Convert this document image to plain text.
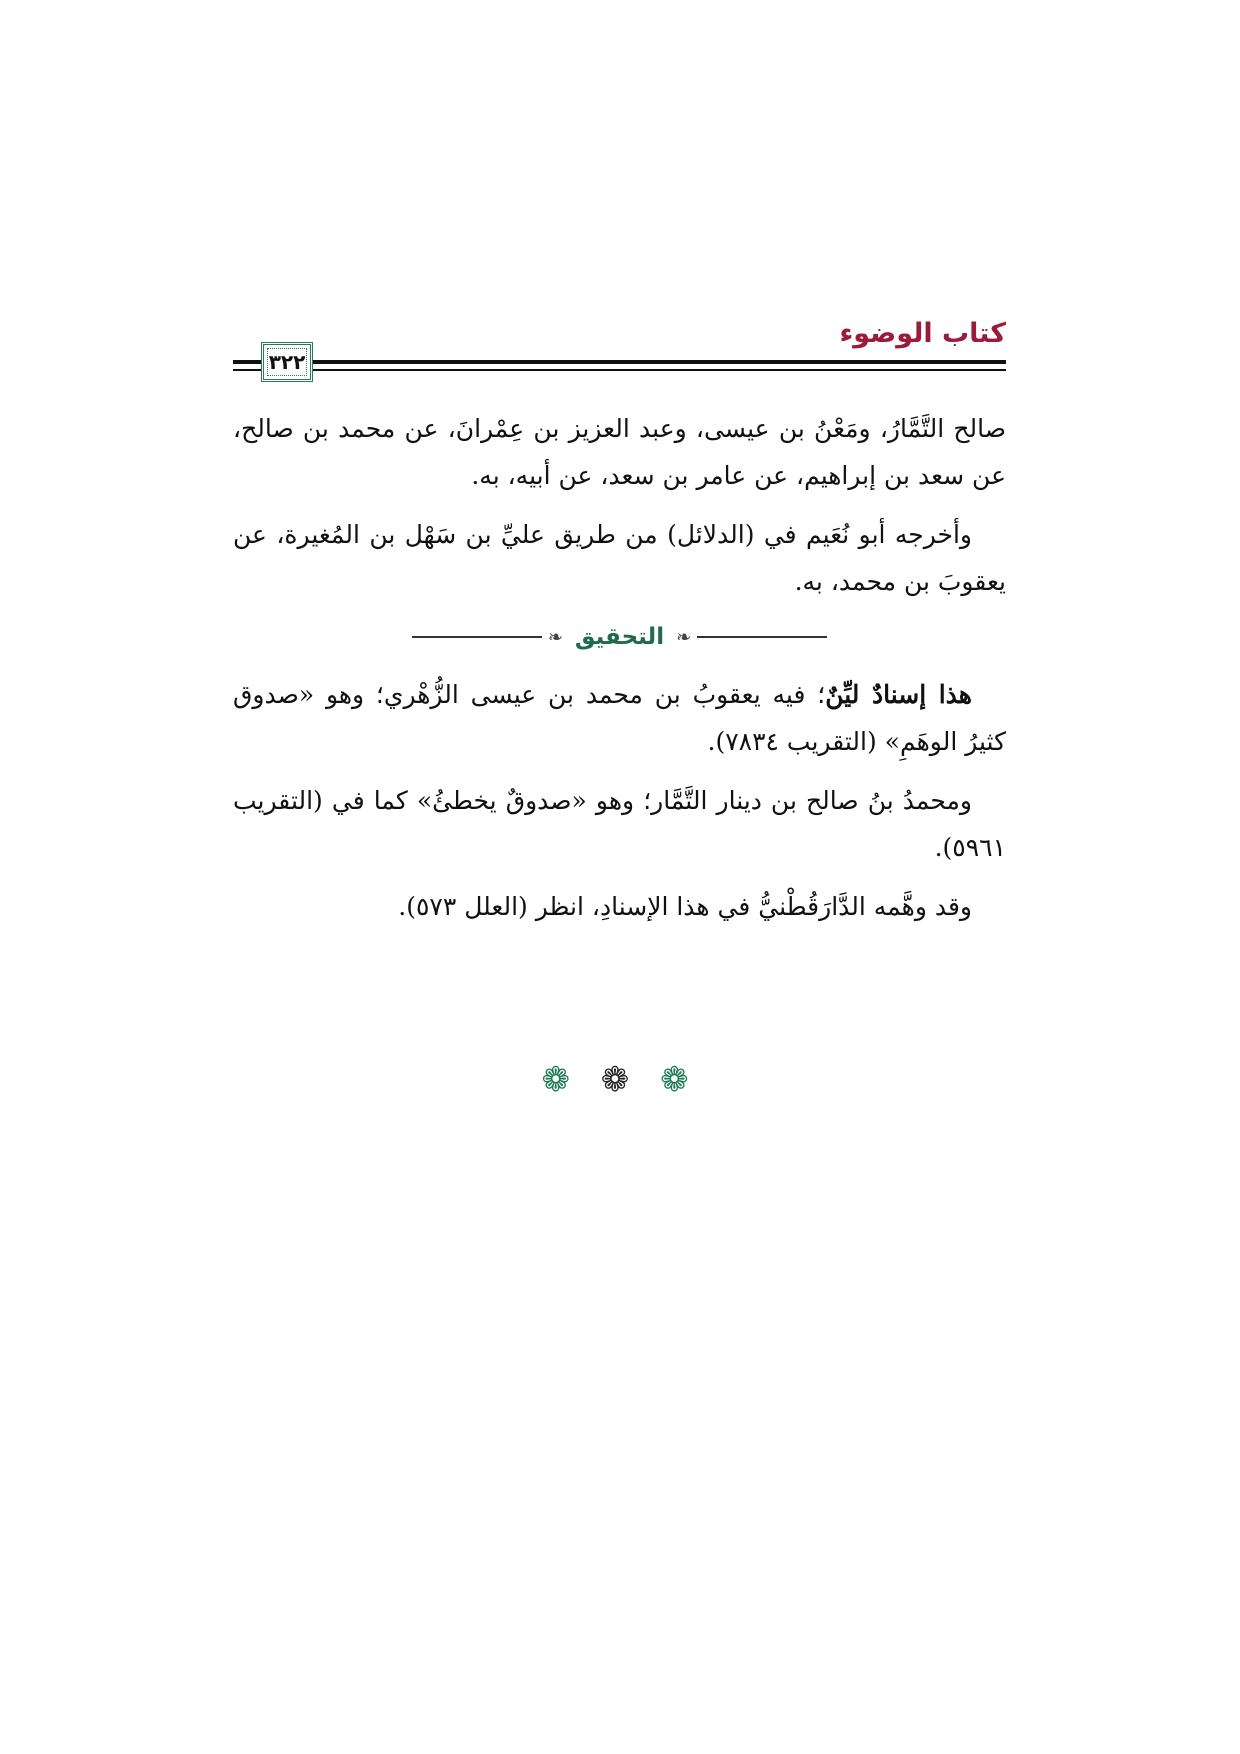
كتاب الوضوء
٣٢٢

صالح التَّمَّارُ، ومَعْنُ بن عيسى، وعبد العزيز بن عِمْرانَ، عن محمد بن صالح، عن سعد بن إبراهيم، عن عامر بن سعد، عن أبيه، به.

وأخرجه أبو نُعَيم في (الدلائل) من طريق عليِّ بن سَهْل بن المُغيرة، عن يعقوبَ بن محمد، به.

❧
التحقيق
❧

هذا إسنادٌ ليِّنٌ؛ فيه يعقوبُ بن محمد بن عيسى الزُّهْري؛ وهو «صدوق كثيرُ الوهَمِ» (التقريب ٧٨٣٤).

ومحمدُ بنُ صالح بن دينار التَّمَّار؛ وهو «صدوقٌ يخطئُ» كما في (التقريب ٥٩٦١).

وقد وهَّمه الدَّارَقُطْنيُّ في هذا الإسنادِ، انظر (العلل ٥٧٣).

❁ ❁ ❁
